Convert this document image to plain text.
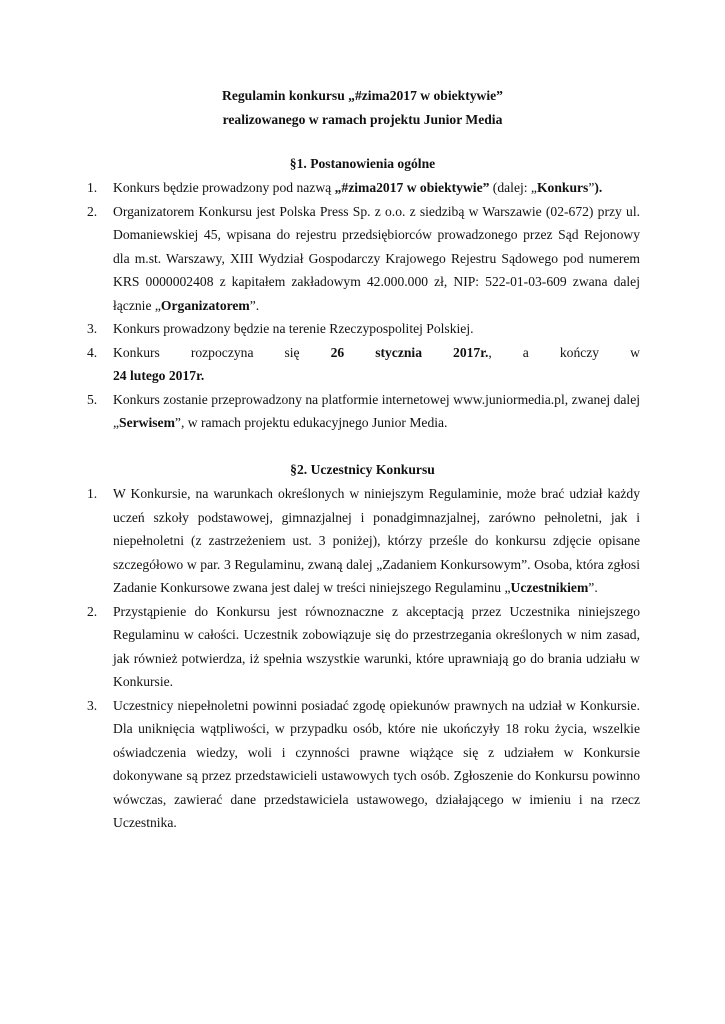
Regulamin konkursu „#zima2017 w obiektywie”
realizowanego w ramach projektu Junior Media
§1. Postanowienia ogólne
1. Konkurs będzie prowadzony pod nazwą „#zima2017 w obiektywie” (dalej: „Konkurs”).
2. Organizatorem Konkursu jest Polska Press Sp. z o.o. z siedzibą w Warszawie (02-672) przy ul. Domaniewskiej 45, wpisana do rejestru przedsiębiorców prowadzonego przez Sąd Rejonowy dla m.st. Warszawy, XIII Wydział Gospodarczy Krajowego Rejestru Sądowego pod numerem KRS 0000002408 z kapitałem zakładowym 42.000.000 zł, NIP: 522-01-03-609 zwana dalej łącznie „Organizatorem”.
3. Konkurs prowadzony będzie na terenie Rzeczypospolitej Polskiej.
4. Konkurs rozpoczyna się 26 stycznia 2017r., a kończy w
24 lutego 2017r.
5. Konkurs zostanie przeprowadzony na platformie internetowej www.juniormedia.pl, zwanej dalej „Serwisem”, w ramach projektu edukacyjnego Junior Media.
§2. Uczestnicy Konkursu
1. W Konkursie, na warunkach określonych w niniejszym Regulaminie, może brać udział każdy uczeń szkoły podstawowej, gimnazjalnej i ponadgimnazjalnej, zarówno pełnoletni, jak i niepełnoletni (z zastrzeżeniem ust. 3 poniżej), którzy prześle do konkursu zdjęcie opisane szczegółowo w par. 3 Regulaminu, zwaną dalej „Zadaniem Konkursowym”. Osoba, która zgłosi Zadanie Konkursowe zwana jest dalej w treści niniejszego Regulaminu „Uczestnikiem”.
2. Przystąpienie do Konkursu jest równoznaczne z akceptacją przez Uczestnika niniejszego Regulaminu w całości. Uczestnik zobowiązuje się do przestrzegania określonych w nim zasad, jak również potwierdza, iż spełnia wszystkie warunki, które uprawniają go do brania udziału w Konkursie.
3. Uczestnicy niepełnoletni powinni posiadać zgodę opiekunów prawnych na udział w Konkursie. Dla uniknięcia wątpliwości, w przypadku osób, które nie ukończyły 18 roku życia, wszelkie oświadczenia wiedzy, woli i czynności prawne wiążące się z udziałem w Konkursie dokonywane są przez przedstawicieli ustawowych tych osób. Zgłoszenie do Konkursu powinno wówczas, zawierać dane przedstawiciela ustawowego, działającego w imieniu i na rzecz Uczestnika.
